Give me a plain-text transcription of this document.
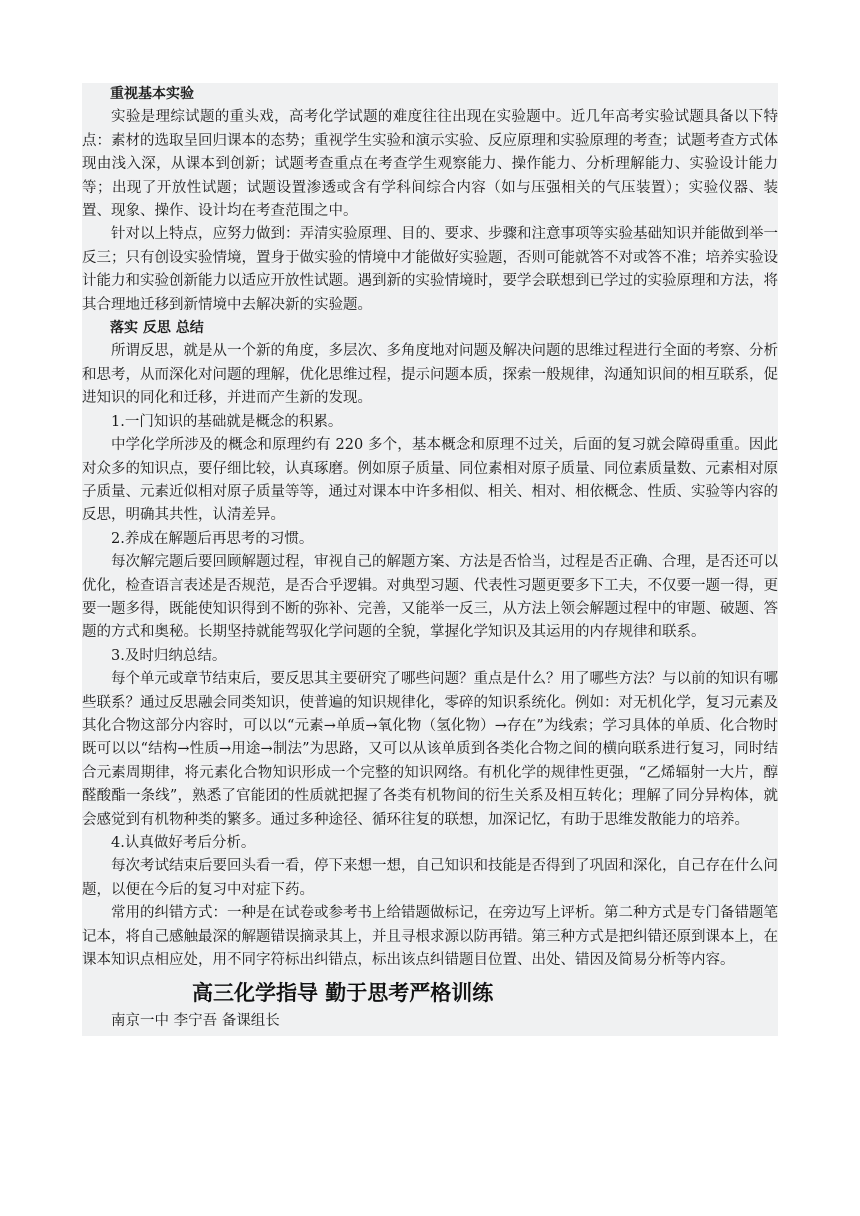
重视基本实验

实验是理综试题的重头戏，高考化学试题的难度往往出现在实验题中。近几年高考实验试题具备以下特点：素材的选取呈回归课本的态势；重视学生实验和演示实验、反应原理和实验原理的考查；试题考查方式体现由浅入深，从课本到创新；试题考查重点在考查学生观察能力、操作能力、分析理解能力、实验设计能力等；出现了开放性试题；试题设置渗透或含有学科间综合内容（如与压强相关的气压装置）；实验仪器、装置、现象、操作、设计均在考查范围之中。

针对以上特点，应努力做到：弄清实验原理、目的、要求、步骤和注意事项等实验基础知识并能做到举一反三；只有创设实验情境，置身于做实验的情境中才能做好实验题，否则可能就答不对或答不准；培养实验设计能力和实验创新能力以适应开放性试题。遇到新的实验情境时，要学会联想到已学过的实验原理和方法，将其合理地迁移到新情境中去解决新的实验题。

落实 反思 总结

所谓反思，就是从一个新的角度，多层次、多角度地对问题及解决问题的思维过程进行全面的考察、分析和思考，从而深化对问题的理解，优化思维过程，提示问题本质，探索一般规律，沟通知识间的相互联系，促进知识的同化和迁移，并进而产生新的发现。

1.一门知识的基础就是概念的积累。

中学化学所涉及的概念和原理约有 220 多个，基本概念和原理不过关，后面的复习就会障碍重重。因此对众多的知识点，要仔细比较，认真琢磨。例如原子质量、同位素相对原子质量、同位素质量数、元素相对原子质量、元素近似相对原子质量等等，通过对课本中许多相似、相关、相对、相依概念、性质、实验等内容的反思，明确其共性，认清差异。

2.养成在解题后再思考的习惯。

每次解完题后要回顾解题过程，审视自己的解题方案、方法是否恰当，过程是否正确、合理，是否还可以优化，检查语言表述是否规范，是否合乎逻辑。对典型习题、代表性习题更要多下工夫，不仅要一题一得，更要一题多得，既能使知识得到不断的弥补、完善，又能举一反三，从方法上领会解题过程中的审题、破题、答题的方式和奥秘。长期坚持就能驾驭化学问题的全貌，掌握化学知识及其运用的内存规律和联系。

3.及时归纳总结。

每个单元或章节结束后，要反思其主要研究了哪些问题？重点是什么？用了哪些方法？与以前的知识有哪些联系？通过反思融会同类知识，使普遍的知识规律化，零碎的知识系统化。例如：对无机化学，复习元素及其化合物这部分内容时，可以以“元素→单质→氧化物（氢化物）→存在”为线索；学习具体的单质、化合物时既可以以“结构→性质→用途→制法”为思路，又可以从该单质到各类化合物之间的横向联系进行复习，同时结合元素周期律，将元素化合物知识形成一个完整的知识网络。有机化学的规律性更强，“乙烯辐射一大片，醇醛酸酯一条线”，熟悉了官能团的性质就把握了各类有机物间的衍生关系及相互转化；理解了同分异构体，就会感觉到有机物种类的繁多。通过多种途径、循环往复的联想，加深记忆，有助于思维发散能力的培养。

4.认真做好考后分析。

每次考试结束后要回头看一看，停下来想一想，自己知识和技能是否得到了巩固和深化，自己存在什么问题，以便在今后的复习中对症下药。

常用的纠错方式：一种是在试卷或参考书上给错题做标记，在旁边写上评析。第二种方式是专门备错题笔记本，将自己感触最深的解题错误摘录其上，并且寻根求源以防再错。第三种方式是把纠错还原到课本上，在课本知识点相应处，用不同字符标出纠错点，标出该点纠错题目位置、出处、错因及简易分析等内容。

高三化学指导 勤于思考严格训练

南京一中 李宁吾 备课组长
